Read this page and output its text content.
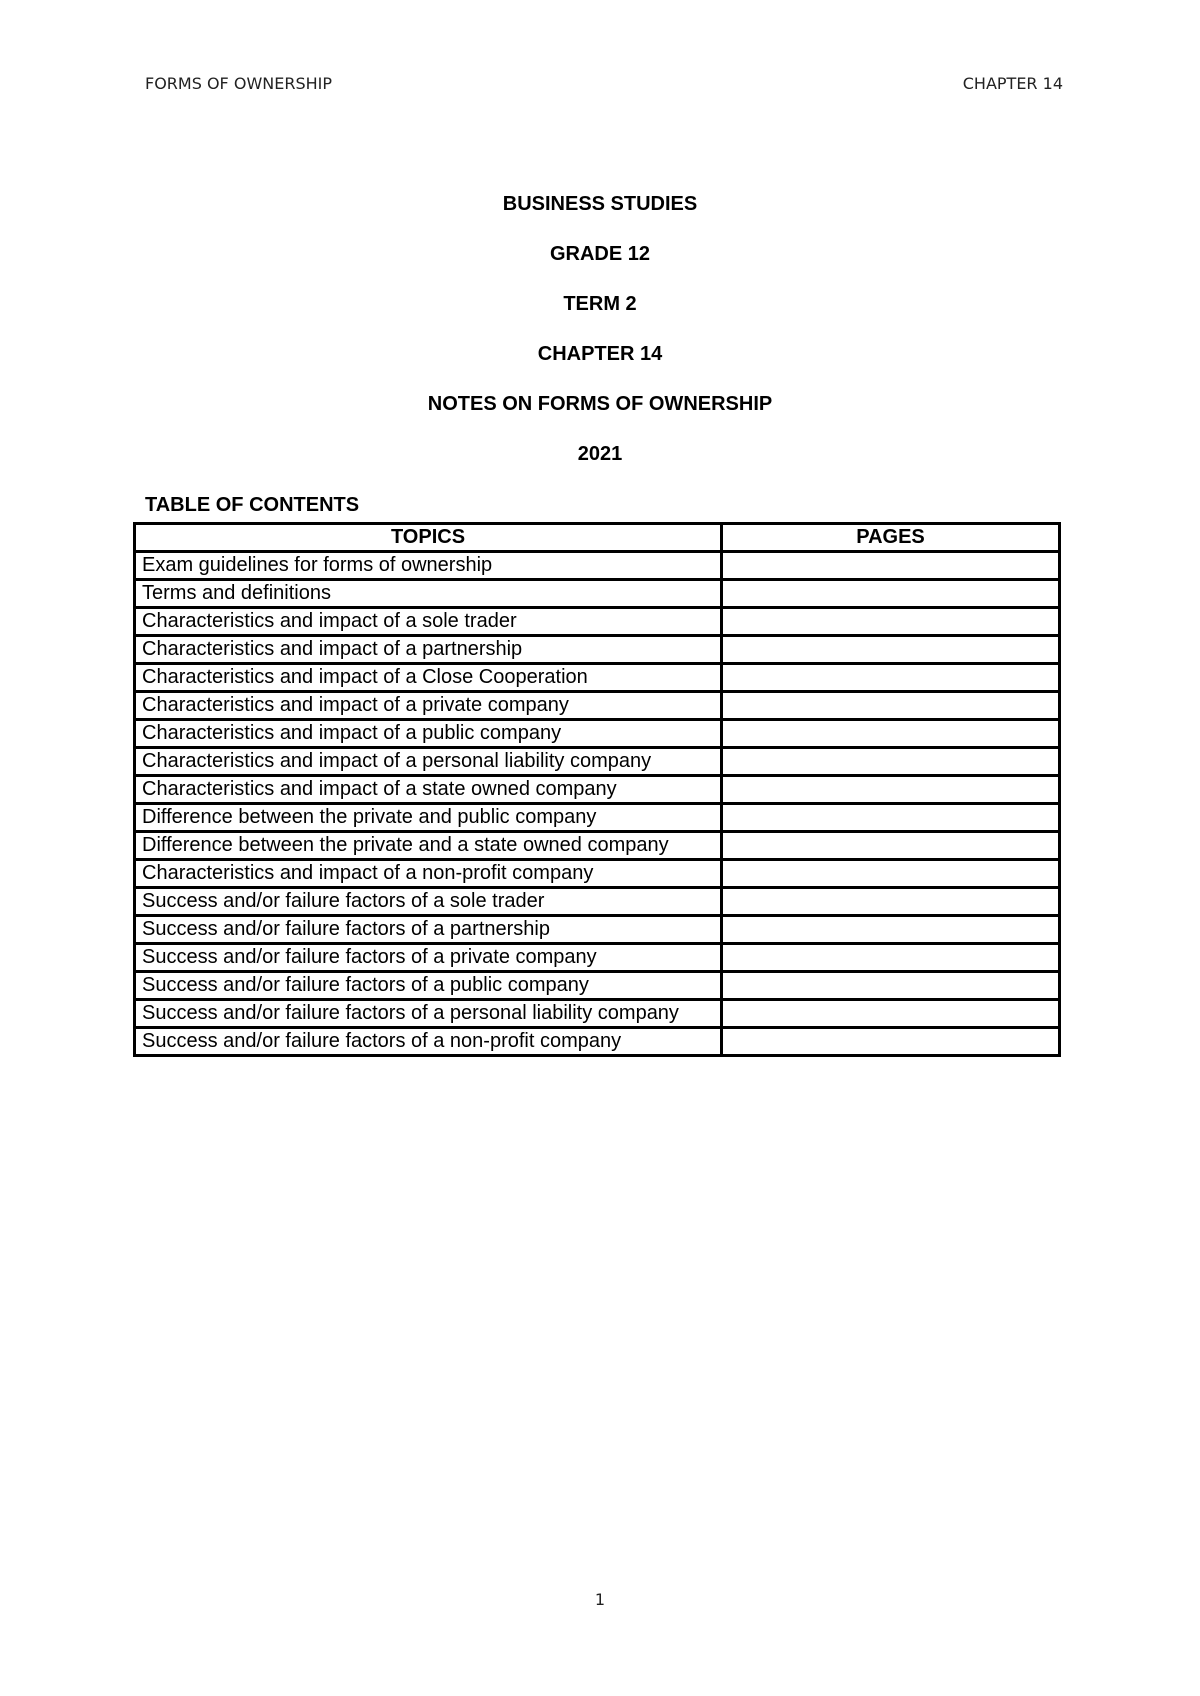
FORMS OF OWNERSHIP	CHAPTER 14
BUSINESS STUDIES
GRADE 12
TERM 2
CHAPTER 14
NOTES ON FORMS OF OWNERSHIP
2021
TABLE OF CONTENTS
TOPICS	PAGES
Exam guidelines for forms of ownership	
Terms and definitions	
Characteristics and impact of a sole trader	
Characteristics and impact of a partnership	
Characteristics and impact of a Close Cooperation	
Characteristics and impact of a private company	
Characteristics and impact of a public company	
Characteristics and impact of a personal liability company	
Characteristics and impact of a state owned company	
Difference between the private and public company	
Difference between the private and a state owned company	
Characteristics and impact of a non-profit company	
Success and/or failure factors of a sole trader	
Success and/or failure factors of a partnership	
Success and/or failure factors of a private company	
Success and/or failure factors of a public company	
Success and/or failure factors of a personal liability company	
Success and/or failure factors of a non-profit company	
1
